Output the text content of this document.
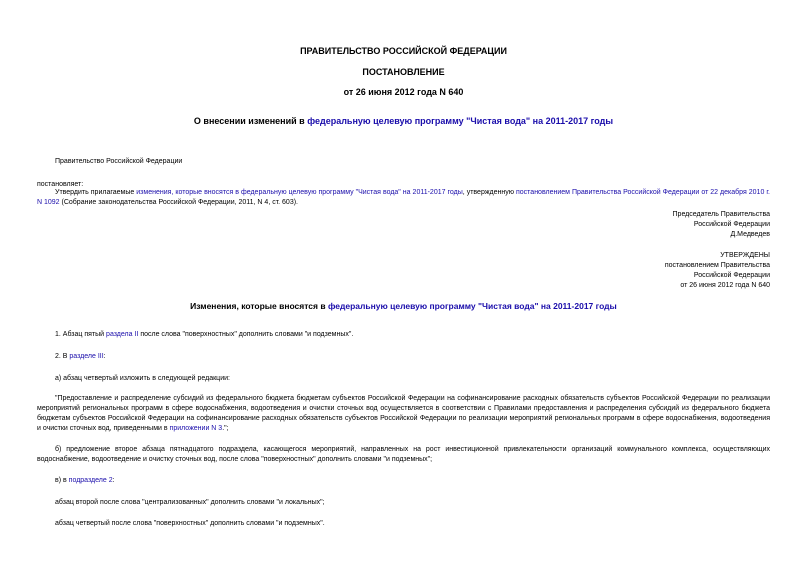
ПРАВИТЕЛЬСТВО РОССИЙСКОЙ ФЕДЕРАЦИИ
ПОСТАНОВЛЕНИЕ
от 26 июня 2012 года N 640
О внесении изменений в федеральную целевую программу "Чистая вода" на 2011-2017 годы
Правительство Российской Федерации
постановляет:
Утвердить прилагаемые изменения, которые вносятся в федеральную целевую программу "Чистая вода" на 2011-2017 годы, утвержденную постановлением Правительства Российской Федерации от 22 декабря 2010 г. N 1092 (Собрание законодательства Российской Федерации, 2011, N 4, ст. 603).
Председатель Правительства
Российской Федерации
Д.Медведев
УТВЕРЖДЕНЫ
постановлением Правительства
Российской Федерации
от 26 июня 2012 года N 640
Изменения, которые вносятся в федеральную целевую программу "Чистая вода" на 2011-2017 годы
1. Абзац пятый раздела II после слова "поверхностных" дополнить словами "и подземных".
2. В разделе III:
а) абзац четвертый изложить в следующей редакции:
"Предоставление и распределение субсидий из федерального бюджета бюджетам субъектов Российской Федерации на софинансирование расходных обязательств субъектов Российской Федерации по реализации мероприятий региональных программ в сфере водоснабжения, водоотведения и очистки сточных вод осуществляется в соответствии с Правилами предоставления и распределения субсидий из федерального бюджета бюджетам субъектов Российской Федерации на софинансирование расходных обязательств субъектов Российской Федерации по реализации мероприятий региональных программ в сфере водоснабжения, водоотведения и очистки сточных вод, приведенными в приложении N 3.";
б) предложение второе абзаца пятнадцатого подраздела, касающегося мероприятий, направленных на рост инвестиционной привлекательности организаций коммунального комплекса, осуществляющих водоснабжение, водоотведение и очистку сточных вод, после слова "поверхностных" дополнить словами "и подземных";
в) в подразделе 2:
абзац второй после слова "централизованных" дополнить словами "и локальных";
абзац четвертый после слова "поверхностных" дополнить словами "и подземных".
